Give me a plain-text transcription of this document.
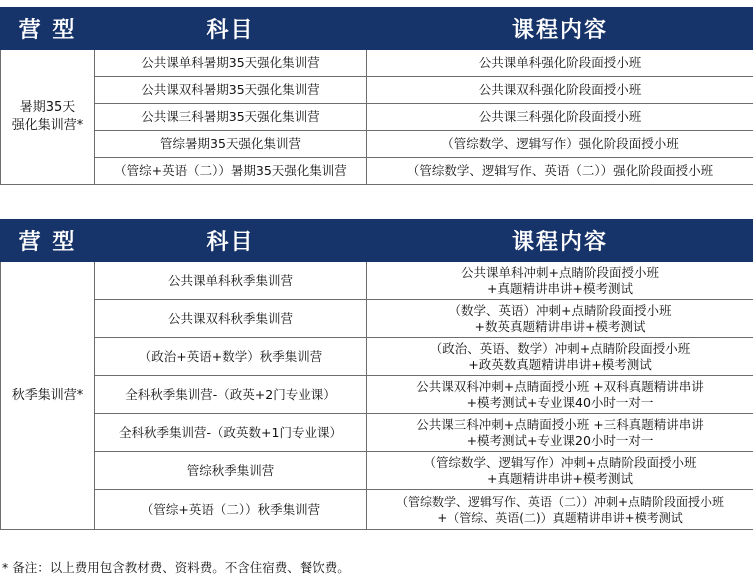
营 型	科目	课程内容
暑期35天
强化集训营*	公共课单科暑期35天强化集训营	公共课单科强化阶段面授小班
	公共课双科暑期35天强化集训营	公共课双科强化阶段面授小班
	公共课三科暑期35天强化集训营	公共课三科强化阶段面授小班
	管综暑期35天强化集训营	（管综数学、逻辑写作）强化阶段面授小班
	（管综+英语（二））暑期35天强化集训营	（管综数学、逻辑写作、英语（二））强化阶段面授小班
营 型	科目	课程内容
秋季集训营*	公共课单科秋季集训营	公共课单科冲刺+点睛阶段面授小班
+真题精讲串讲+模考测试

	公共课双科秋季集训营	（数学、英语）冲刺+点睛阶段面授小班
+数英真题精讲串讲+模考测试

	（政治+英语+数学）秋季集训营	（政治、英语、数学）冲刺+点睛阶段面授小班
+政英数真题精讲串讲+模考测试

	全科秋季集训营-（政英+2门专业课）	公共课双科冲刺+点睛面授小班 +双科真题精讲串讲
+模考测试+专业课40小时一对一

	全科秋季集训营-（政英数+1门专业课）	公共课三科冲刺+点睛面授小班 +三科真题精讲串讲
+模考测试+专业课20小时一对一

	管综秋季集训营	（管综数学、逻辑写作）冲刺+点睛阶段面授小班
+真题精讲串讲+模考测试

	（管综+英语（二））秋季集训营	（管综数学、逻辑写作、英语（二））冲刺+点睛阶段面授小班
+（管综、英语(二)）真题精讲串讲+模考测试
* 备注：以上费用包含教材费、资料费。不含住宿费、餐饮费。
